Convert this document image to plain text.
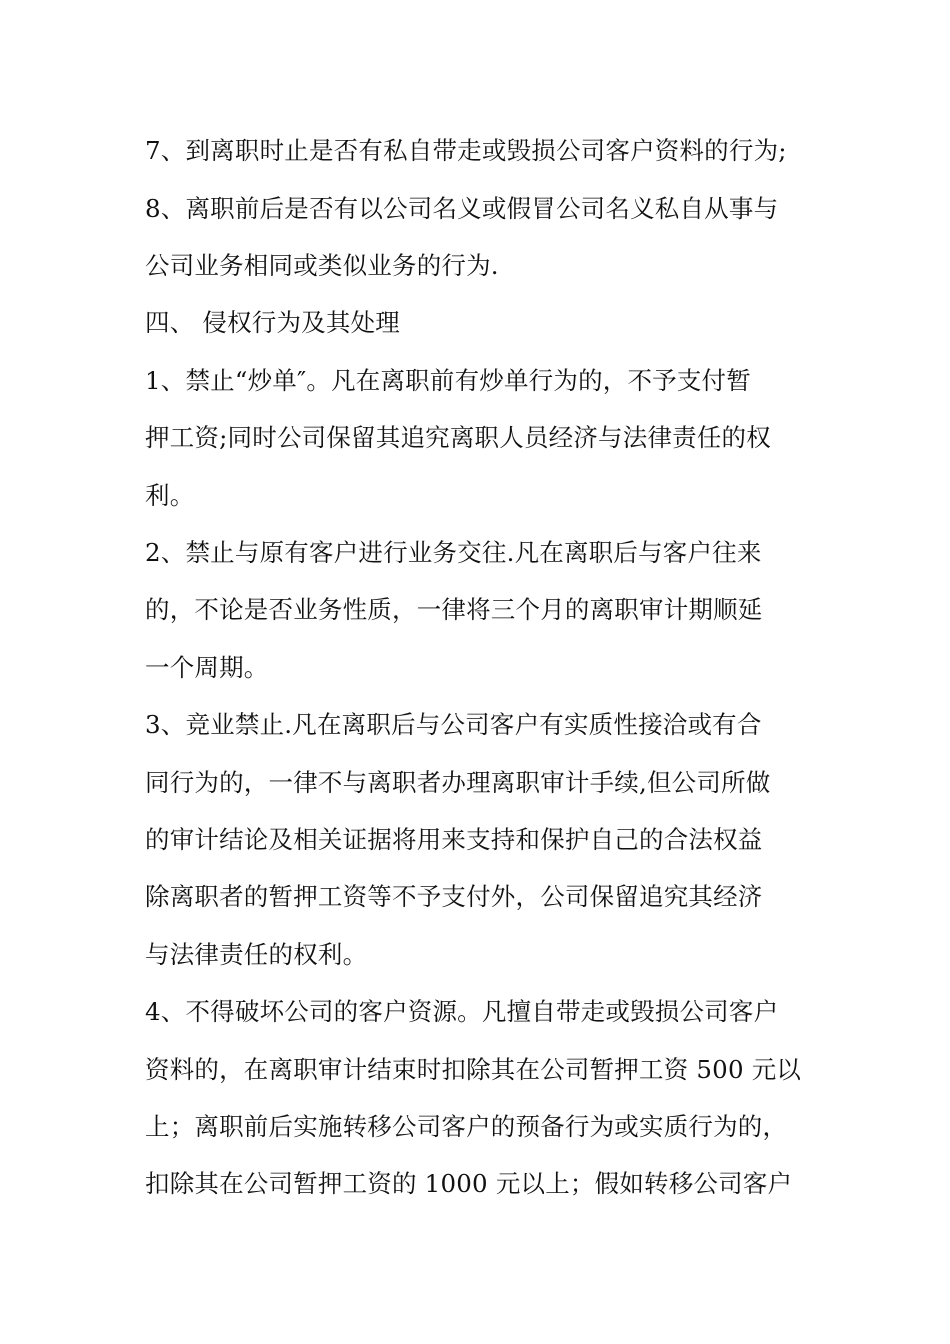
7、到离职时止是否有私自带走或毁损公司客户资料的行为;
8、离职前后是否有以公司名义或假冒公司名义私自从事与
公司业务相同或类似业务的行为.
四、 侵权行为及其处理
1、禁止“炒单″。凡在离职前有炒单行为的，不予支付暂
押工资;同时公司保留其追究离职人员经济与法律责任的权
利。
2、禁止与原有客户进行业务交往.凡在离职后与客户往来
的，不论是否业务性质，一律将三个月的离职审计期顺延
一个周期。
3、竞业禁止.凡在离职后与公司客户有实质性接洽或有合
同行为的，一律不与离职者办理离职审计手续,但公司所做
的审计结论及相关证据将用来支持和保护自己的合法权益
除离职者的暂押工资等不予支付外，公司保留追究其经济
与法律责任的权利。
4、不得破坏公司的客户资源。凡擅自带走或毁损公司客户
资料的，在离职审计结束时扣除其在公司暂押工资 500 元以
上；离职前后实施转移公司客户的预备行为或实质行为的，
扣除其在公司暂押工资的 1000 元以上；假如转移公司客户
